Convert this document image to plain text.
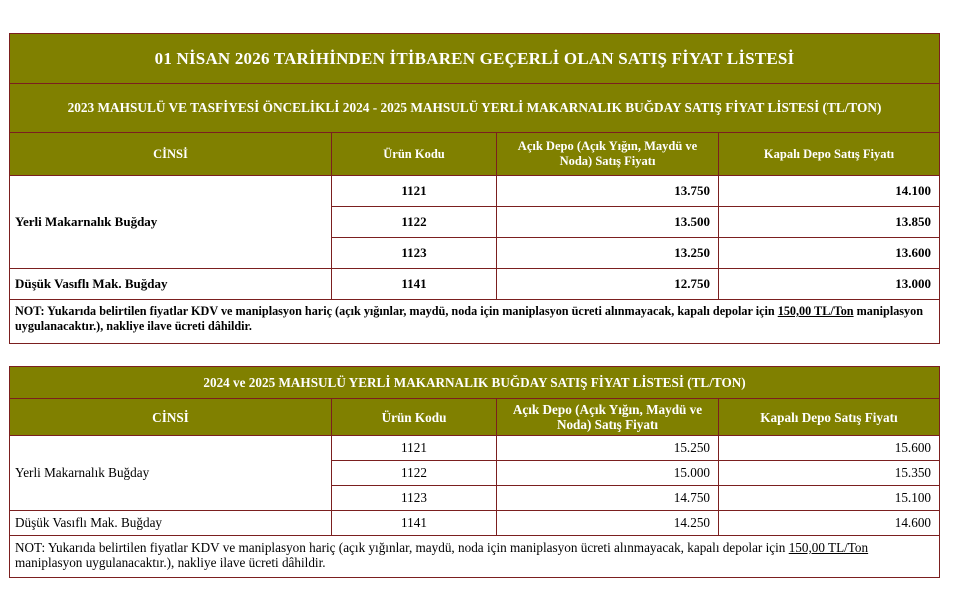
01 NİSAN 2026 TARİHİNDEN İTİBAREN GEÇERLİ OLAN SATIŞ FİYAT LİSTESİ			
2023 MAHSULÜ VE TASFİYESİ ÖNCELİKLİ 2024 - 2025 MAHSULÜ YERLİ MAKARNALIK BUĞDAY SATIŞ FİYAT LİSTESİ (TL/TON)			
CİNSİ	Ürün Kodu	Açık Depo (Açık Yığın, Maydü ve Noda) Satış Fiyatı	Kapalı Depo Satış Fiyatı
Yerli Makarnalık Buğday	1121	13.750	14.100
	1122	13.500	13.850
	1123	13.250	13.600
Düşük Vasıflı Mak. Buğday	1141	12.750	13.000
NOT: Yukarıda belirtilen fiyatlar KDV ve maniplasyon hariç (açık yığınlar, maydü, noda için maniplasyon ücreti alınmayacak, kapalı depolar için 150,00 TL/Ton maniplasyon uygulanacaktır.), nakliye ilave ücreti dâhildir.			
2024 ve 2025 MAHSULÜ YERLİ MAKARNALIK BUĞDAY SATIŞ FİYAT LİSTESİ (TL/TON)			
CİNSİ	Ürün Kodu	Açık Depo (Açık Yığın, Maydü ve Noda) Satış Fiyatı	Kapalı Depo Satış Fiyatı
Yerli Makarnalık Buğday	1121	15.250	15.600
	1122	15.000	15.350
	1123	14.750	15.100
Düşük Vasıflı Mak. Buğday	1141	14.250	14.600
NOT: Yukarıda belirtilen fiyatlar KDV ve maniplasyon hariç (açık yığınlar, maydü, noda için maniplasyon ücreti alınmayacak, kapalı depolar için 150,00 TL/Ton maniplasyon uygulanacaktır.), nakliye ilave ücreti dâhildir.			
